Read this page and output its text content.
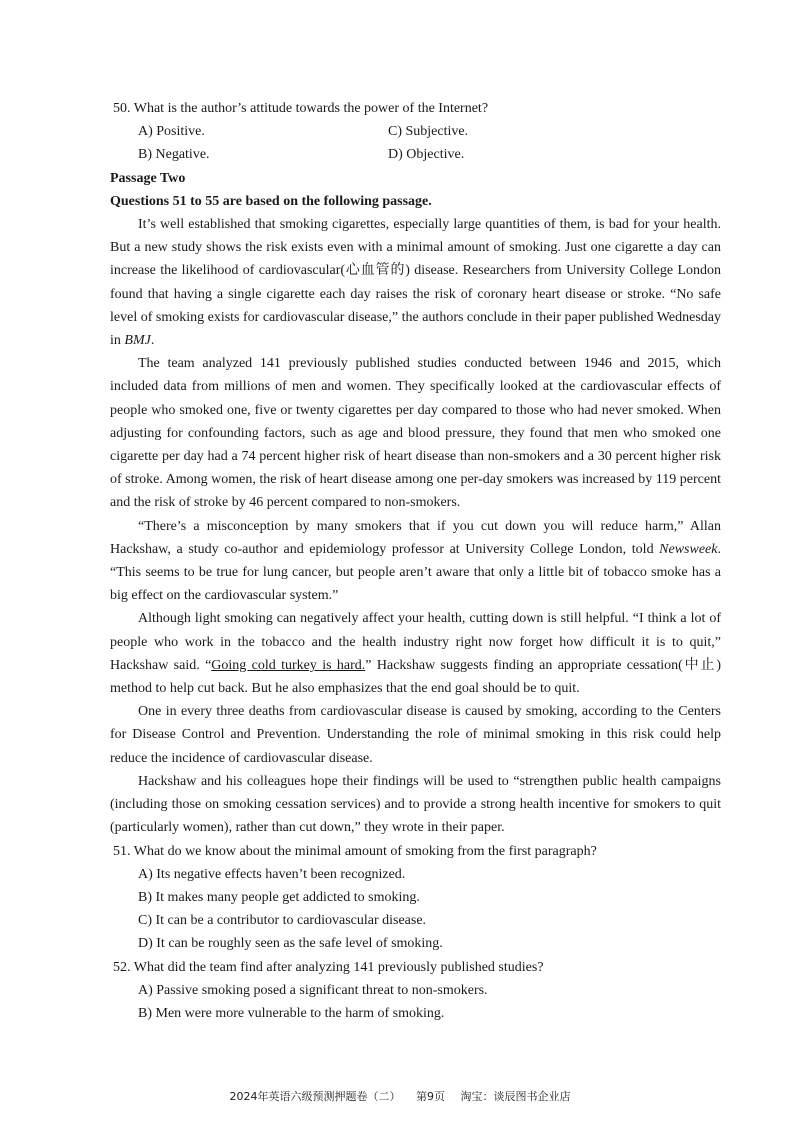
50. What is the author’s attitude towards the power of the Internet?
A) Positive.
B) Negative.
C) Subjective.
D) Objective.
Passage Two
Questions 51 to 55 are based on the following passage.

It’s well established that smoking cigarettes, especially large quantities of them, is bad for your health. But a new study shows the risk exists even with a minimal amount of smoking. Just one cigarette a day can increase the likelihood of cardiovascular(心血管的) disease. Researchers from University College London found that having a single cigarette each day raises the risk of coronary heart disease or stroke. “No safe level of smoking exists for cardiovascular disease,” the authors conclude in their paper published Wednesday in BMJ.

The team analyzed 141 previously published studies conducted between 1946 and 2015, which included data from millions of men and women. They specifically looked at the cardiovascular effects of people who smoked one, five or twenty cigarettes per day compared to those who had never smoked. When adjusting for confounding factors, such as age and blood pressure, they found that men who smoked one cigarette per day had a 74 percent higher risk of heart disease than non-smokers and a 30 percent higher risk of stroke. Among women, the risk of heart disease among one per-day smokers was increased by 119 percent and the risk of stroke by 46 percent compared to non-smokers.

“There’s a misconception by many smokers that if you cut down you will reduce harm,” Allan Hackshaw, a study co-author and epidemiology professor at University College London, told Newsweek. “This seems to be true for lung cancer, but people aren’t aware that only a little bit of tobacco smoke has a big effect on the cardiovascular system.”

Although light smoking can negatively affect your health, cutting down is still helpful. “I think a lot of people who work in the tobacco and the health industry right now forget how difficult it is to quit,” Hackshaw said. “Going cold turkey is hard.” Hackshaw suggests finding an appropriate cessation(中止) method to help cut back. But he also emphasizes that the end goal should be to quit.

One in every three deaths from cardiovascular disease is caused by smoking, according to the Centers for Disease Control and Prevention. Understanding the role of minimal smoking in this risk could help reduce the incidence of cardiovascular disease.

Hackshaw and his colleagues hope their findings will be used to “strengthen public health campaigns (including those on smoking cessation services) and to provide a strong health incentive for smokers to quit (particularly women), rather than cut down,” they wrote in their paper.

51. What do we know about the minimal amount of smoking from the first paragraph?
A) Its negative effects haven’t been recognized.
B) It makes many people get addicted to smoking.
C) It can be a contributor to cardiovascular disease.
D) It can be roughly seen as the safe level of smoking.
52. What did the team find after analyzing 141 previously published studies?
A) Passive smoking posed a significant threat to non-smokers.
B) Men were more vulnerable to the harm of smoking.
2024年英语六级预测押题卷（二） 第9页 淘宝：谈辰图书企业店
